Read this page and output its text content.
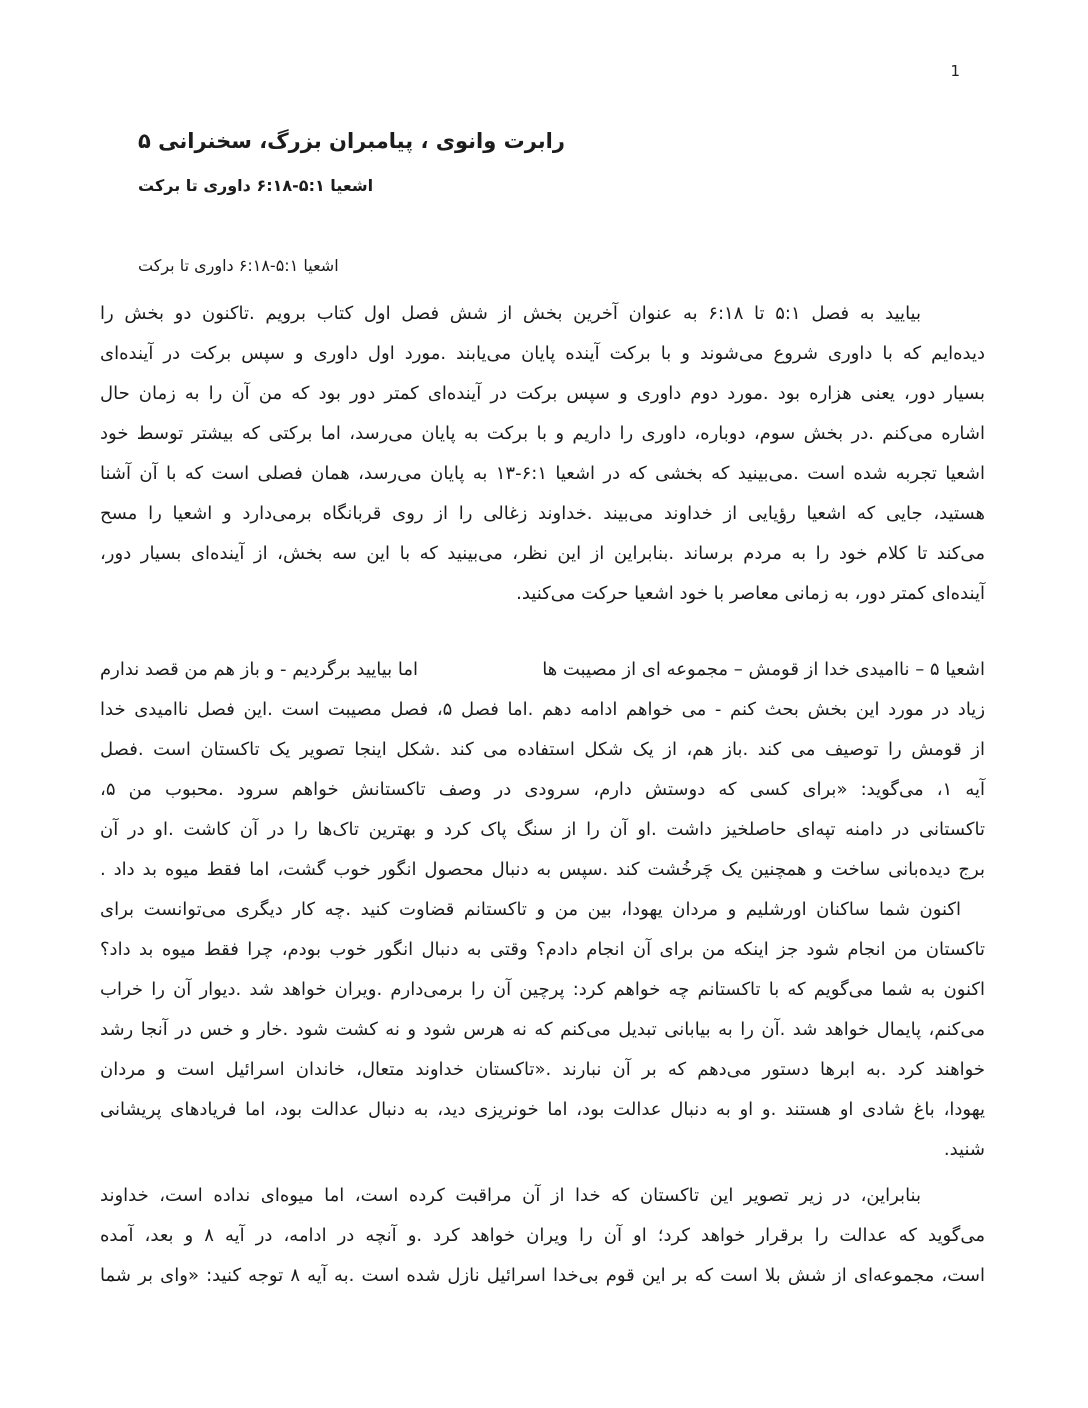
1
رابرت وانوی ، پیامبران بزرگ، سخنرانی ۵
اشعیا ۵:۱-۶:۱۸ داوری تا برکت
اشعیا ۵:۱-۶:۱۸ داوری تا برکت
بیایید به فصل ۵:۱ تا ۶:۱۸ به عنوان آخرین بخش از شش فصل اول کتاب برویم .تاکنون دو بخش را
دیده‌ایم که با داوری شروع می‌شوند و با برکت آینده پایان می‌یابند .مورد اول داوری و سپس برکت در آینده‌ای
بسیار دور، یعنی هزاره بود .مورد دوم داوری و سپس برکت در آینده‌ای کمتر دور بود که من آن را به زمان حال
اشاره می‌کنم .در بخش سوم، دوباره، داوری را داریم و با برکت به پایان می‌رسد، اما برکتی که بیشتر توسط خود
اشعیا تجربه شده است .می‌بینید که بخشی که در اشعیا ۶:۱-۱۳ به پایان می‌رسد، همان فصلی است که با آن آشنا
هستید، جایی که اشعیا رؤیایی از خداوند می‌بیند .خداوند زغالی را از روی قربانگاه برمی‌دارد و اشعیا را مسح
می‌کند تا کلام خود را به مردم برساند .بنابراین از این نظر، می‌بینید که با این سه بخش، از آینده‌ای بسیار دور،
آینده‌ای کمتر دور، به زمانی معاصر با خود اشعیا حرکت می‌کنید.
اشعیا ۵ – ناامیدی خدا از قومش – مجموعه ای از مصیبت ها
اما بیایید برگردیم - و باز هم من قصد ندارم
زیاد در مورد این بخش بحث کنم - می خواهم ادامه دهم .اما فصل ۵، فصل مصیبت است .این فصل ناامیدی خدا
از قومش را توصیف می کند .باز هم، از یک شکل استفاده می کند .شکل اینجا تصویر یک تاکستان است .فصل
آیه ۱، می‌گوید: «برای کسی که دوستش دارم، سرودی در وصف تاکستانش خواهم سرود .محبوب من ۵،
تاکستانی در دامنه تپه‌ای حاصلخیز داشت .او آن را از سنگ پاک کرد و بهترین تاک‌ها را در آن کاشت .او در آن
برج دیده‌بانی ساخت و همچنین یک چَرخُشت کند .سپس به دنبال محصول انگور خوب گشت، اما فقط میوه بد داد .
اکنون شما ساکنان اورشلیم و مردان یهودا، بین من و تاکستانم قضاوت کنید .چه کار دیگری می‌توانست برای
تاکستان من انجام شود جز اینکه من برای آن انجام دادم؟ وقتی به دنبال انگور خوب بودم، چرا فقط میوه بد داد؟
اکنون به شما می‌گویم که با تاکستانم چه خواهم کرد: پرچین آن را برمی‌دارم .ویران خواهد شد .دیوار آن را خراب
می‌کنم، پایمال خواهد شد .آن را به بیابانی تبدیل می‌کنم که نه هرس شود و نه کشت شود .خار و خس در آنجا رشد
خواهند کرد .به ابرها دستور می‌دهم که بر آن نبارند .«تاکستان خداوند متعال، خاندان اسرائیل است و مردان
یهودا، باغ شادی او هستند .و او به دنبال عدالت بود، اما خونریزی دید، به دنبال عدالت بود، اما فریادهای پریشانی
شنید.
بنابراین، در زیر تصویر این تاکستان که خدا از آن مراقبت کرده است، اما میوه‌ای نداده است، خداوند
می‌گوید که عدالت را برقرار خواهد کرد؛ او آن را ویران خواهد کرد .و آنچه در ادامه، در آیه ۸ و بعد، آمده
است، مجموعه‌ای از شش بلا است که بر این قوم بی‌خدا اسرائیل نازل شده است .به آیه ۸ توجه کنید: «وای بر شما
